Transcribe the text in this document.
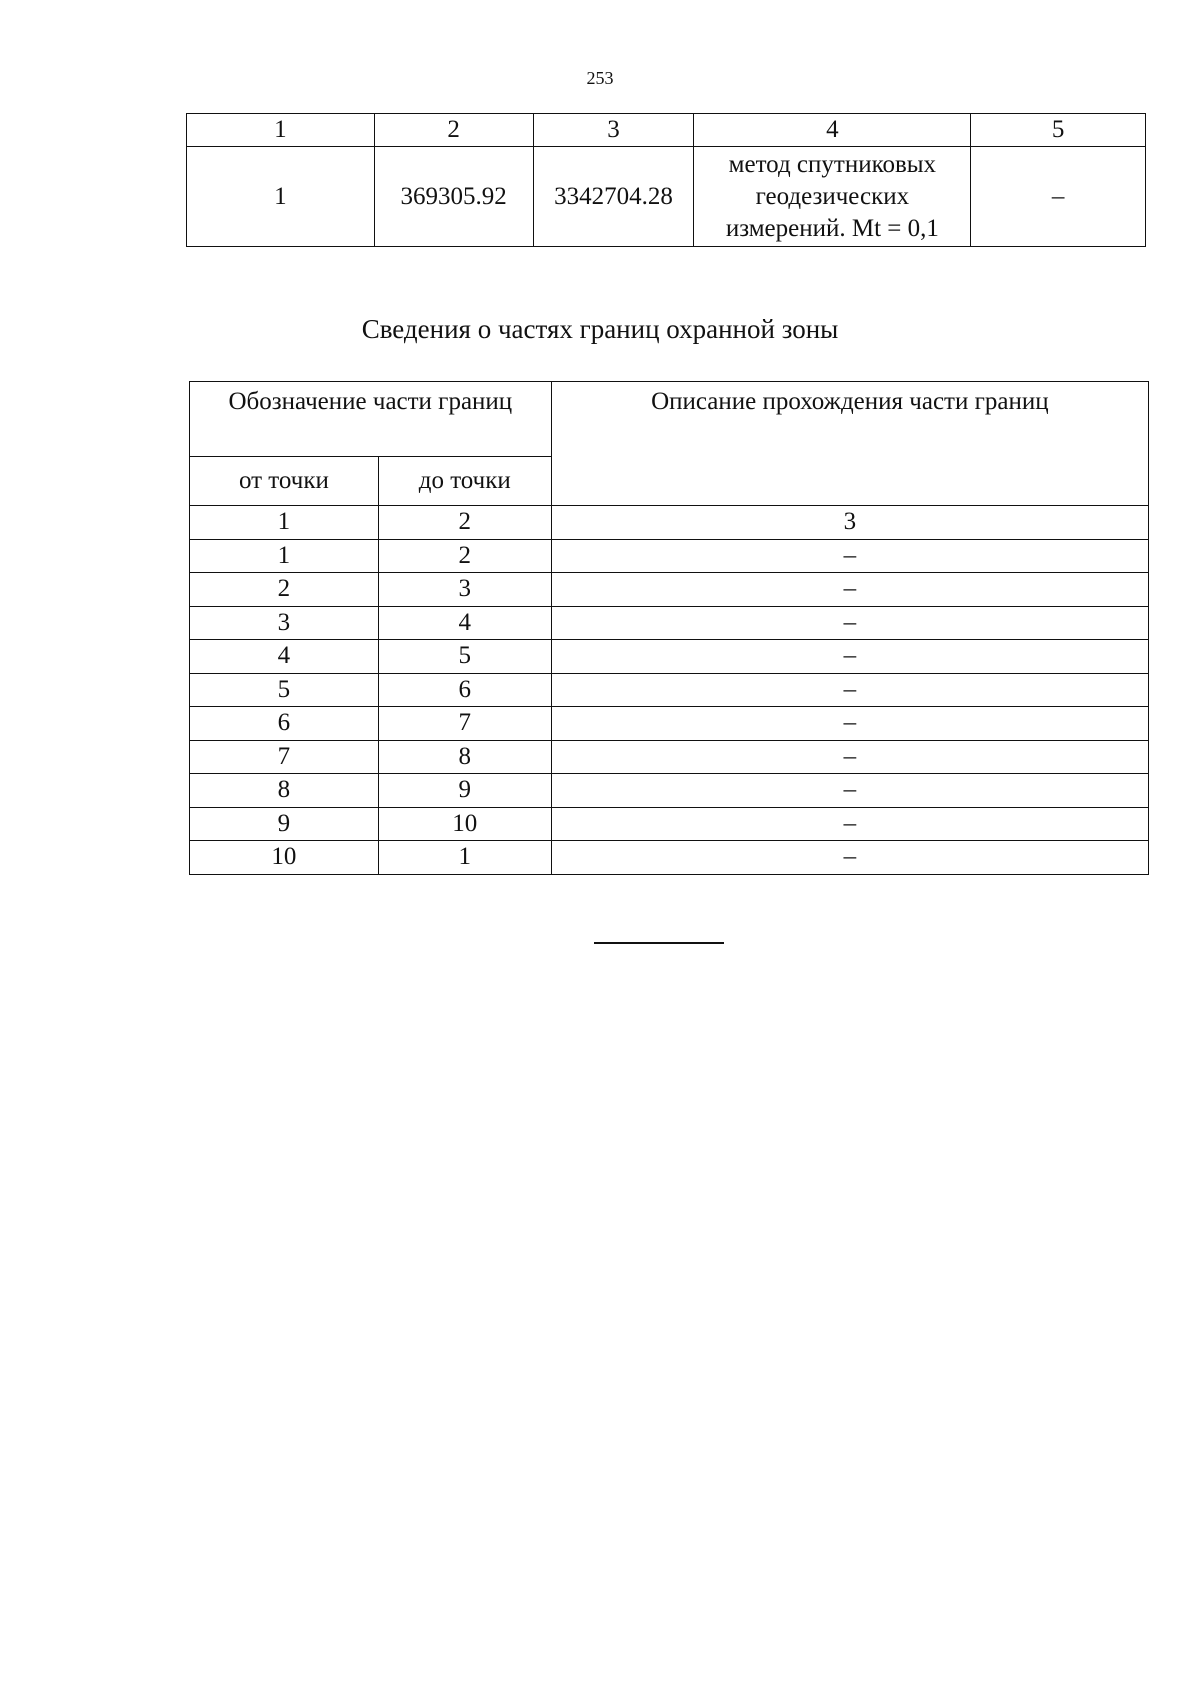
253
1	2	3	4	5
1	369305.92	3342704.28	метод спутниковых
геодезических
измерений. Mt = 0,1	–
Сведения о частях границ охранной зоны
Обозначение части границ		Описание прохождения части границ
от точки	до точки	
1	2	3
1	2	–
2	3	–
3	4	–
4	5	–
5	6	–
6	7	–
7	8	–
8	9	–
9	10	–
10	1	–
